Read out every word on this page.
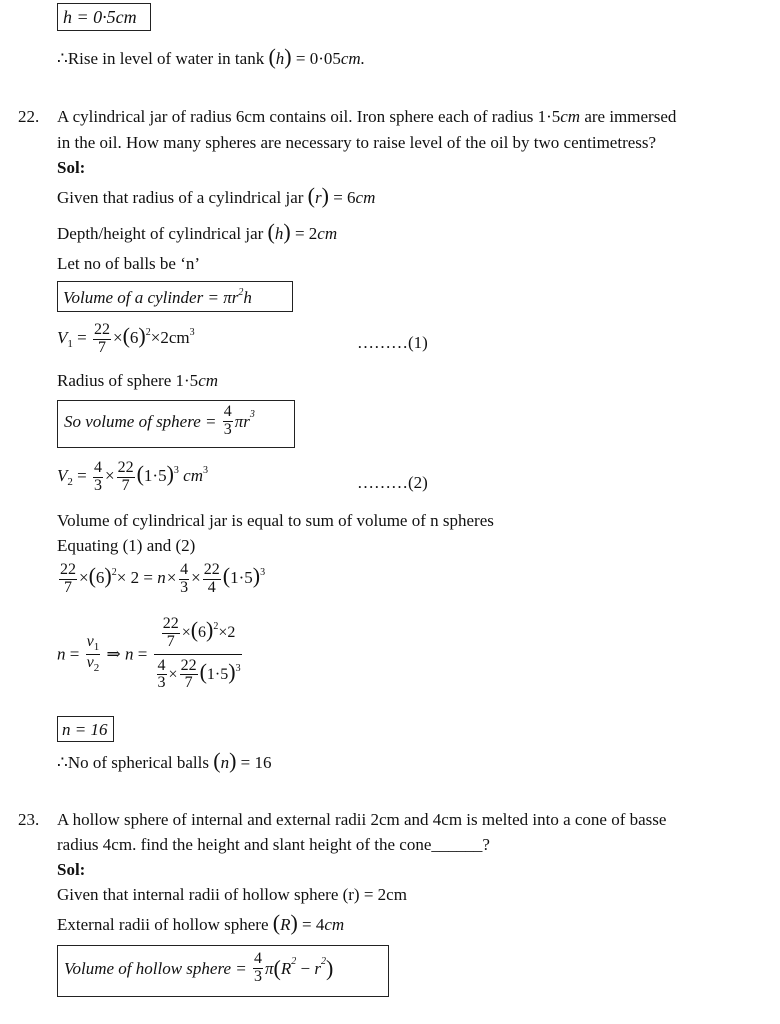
h = 0·5cm
∴Rise in level of water in tank (h) = 0·05cm.
22. A cylindrical jar of radius 6cm contains oil. Iron sphere each of radius 1·5cm are immersed
in the oil. How many spheres are necessary to raise level of the oil by two centimetress?
Sol:
Given that radius of a cylindrical jar (r) = 6cm
Depth/height of cylindrical jar (h) = 2cm
Let no of balls be ‘n’
Volume of a cylinder = $\pi r^2h$
$V_1 = \frac{22}{7} \times(6)^2\times 2cm^3$
………(1)
Radius of sphere 1·5cm
So volume of sphere = $\frac{4}{3} \pi r^3$
$V_2 = \frac{4}{3} \times \frac{22}{7} (1\cdot 5)^3$ $cm^3$
………(2)
Volume of cylindrical jar is equal to sum of volume of n spheres
Equating (1) and (2)
$\frac{22}{7} \times(6)^2\times 2 = n\times \frac{4}{3} \times \frac{22}{4} (1\cdot 5)^3$
$n = \frac{v_1}{v_2}$ ⇒ $n = \frac{\frac{22}{7} \times(6)^2\times 2}{\frac{4}{3} \times \frac{22}{7} (1\cdot 5)^3}$
n = 16
∴No of spherical balls (n) = 16
23. A hollow sphere of internal and external radii 2cm and 4cm is melted into a cone of basse
radius 4cm. find the height and slant height of the cone______?
Sol:
Given that internal radii of hollow sphere (r) = 2cm
External radii of hollow sphere (R) = 4cm
Volume of hollow sphere = $\frac{4}{3} \pi(R^2 - r^2)$
